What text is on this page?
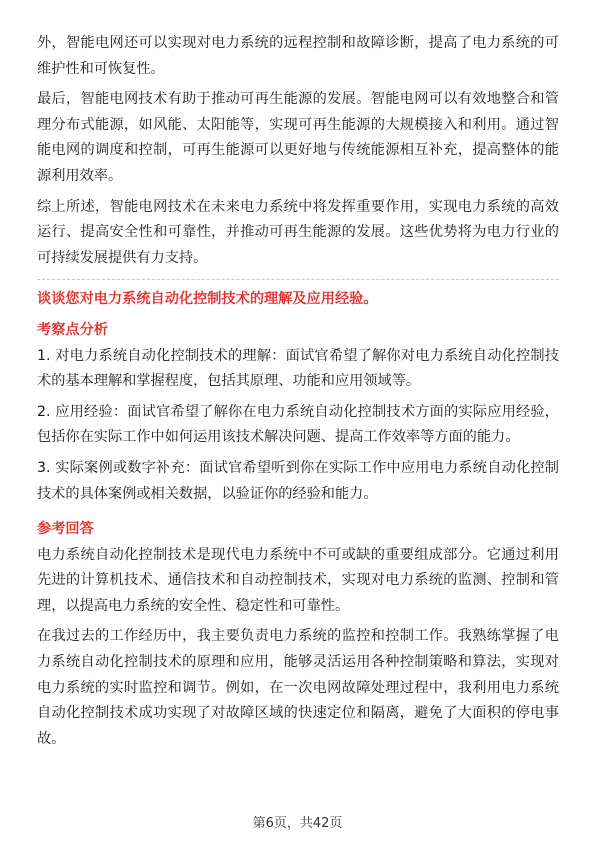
外，智能电网还可以实现对电力系统的远程控制和故障诊断，提高了电力系统的可维护性和可恢复性。

最后，智能电网技术有助于推动可再生能源的发展。智能电网可以有效地整合和管理分布式能源，如风能、太阳能等，实现可再生能源的大规模接入和利用。通过智能电网的调度和控制，可再生能源可以更好地与传统能源相互补充，提高整体的能源利用效率。

综上所述，智能电网技术在未来电力系统中将发挥重要作用，实现电力系统的高效运行、提高安全性和可靠性，并推动可再生能源的发展。这些优势将为电力行业的可持续发展提供有力支持。

谈谈您对电力系统自动化控制技术的理解及应用经验。

考察点分析

1. 对电力系统自动化控制技术的理解：面试官希望了解你对电力系统自动化控制技术的基本理解和掌握程度，包括其原理、功能和应用领域等。

2. 应用经验：面试官希望了解你在电力系统自动化控制技术方面的实际应用经验，包括你在实际工作中如何运用该技术解决问题、提高工作效率等方面的能力。

3. 实际案例或数字补充：面试官希望听到你在实际工作中应用电力系统自动化控制技术的具体案例或相关数据，以验证你的经验和能力。

参考回答

电力系统自动化控制技术是现代电力系统中不可或缺的重要组成部分。它通过利用先进的计算机技术、通信技术和自动控制技术，实现对电力系统的监测、控制和管理，以提高电力系统的安全性、稳定性和可靠性。

在我过去的工作经历中，我主要负责电力系统的监控和控制工作。我熟练掌握了电力系统自动化控制技术的原理和应用，能够灵活运用各种控制策略和算法，实现对电力系统的实时监控和调节。例如，在一次电网故障处理过程中，我利用电力系统自动化控制技术成功实现了对故障区域的快速定位和隔离，避免了大面积的停电事故。

第6页，共42页
